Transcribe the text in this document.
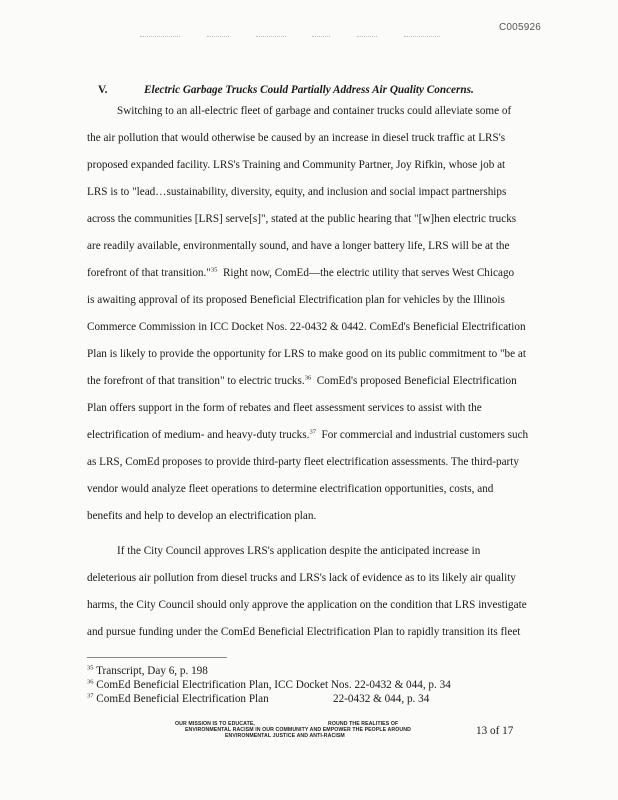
C005926
V.	Electric Garbage Trucks Could Partially Address Air Quality Concerns.
Switching to an all-electric fleet of garbage and container trucks could alleviate some of
the air pollution that would otherwise be caused by an increase in diesel truck traffic at LRS's
proposed expanded facility. LRS's Training and Community Partner, Joy Rifkin, whose job at
LRS is to "lead…sustainability, diversity, equity, and inclusion and social impact partnerships
across the communities [LRS] serve[s]", stated at the public hearing that "[w]hen electric trucks
are readily available, environmentally sound, and have a longer battery life, LRS will be at the
forefront of that transition."$^{35}$ Right now, ComEd—the electric utility that serves West Chicago
is awaiting approval of its proposed Beneficial Electrification plan for vehicles by the Illinois
Commerce Commission in ICC Docket Nos. 22-0432 & 0442. ComEd's Beneficial Electrification
Plan is likely to provide the opportunity for LRS to make good on its public commitment to "be at
the forefront of that transition" to electric trucks.$^{36}$ ComEd's proposed Beneficial Electrification
Plan offers support in the form of rebates and fleet assessment services to assist with the
electrification of medium- and heavy-duty trucks.$^{37}$ For commercial and industrial customers such
as LRS, ComEd proposes to provide third-party fleet electrification assessments. The third-party
vendor would analyze fleet operations to determine electrification opportunities, costs, and
benefits and help to develop an electrification plan.
If the City Council approves LRS's application despite the anticipated increase in
deleterious air pollution from diesel trucks and LRS's lack of evidence as to its likely air quality
harms, the City Council should only approve the application on the condition that LRS investigate
and pursue funding under the ComEd Beneficial Electrification Plan to rapidly transition its fleet
$^{35}$ Transcript, Day 6, p. 198
$^{36}$ ComEd Beneficial Electrification Plan, ICC Docket Nos. 22-0432 & 044, p. 34
$^{37}$ ComEd Beneficial Electrification Plan	22-0432 & 044, p. 34
OUR MISSION IS TO EDUCATE,	ROUND THE REALITIES OF
ENVIRONMENTAL RACISM IN OUR COMMUNITY AND EMPOWER THE PEOPLE AROUND
ENVIRONMENTAL JUSTICE AND ANTI-RACISM	13 of 17
